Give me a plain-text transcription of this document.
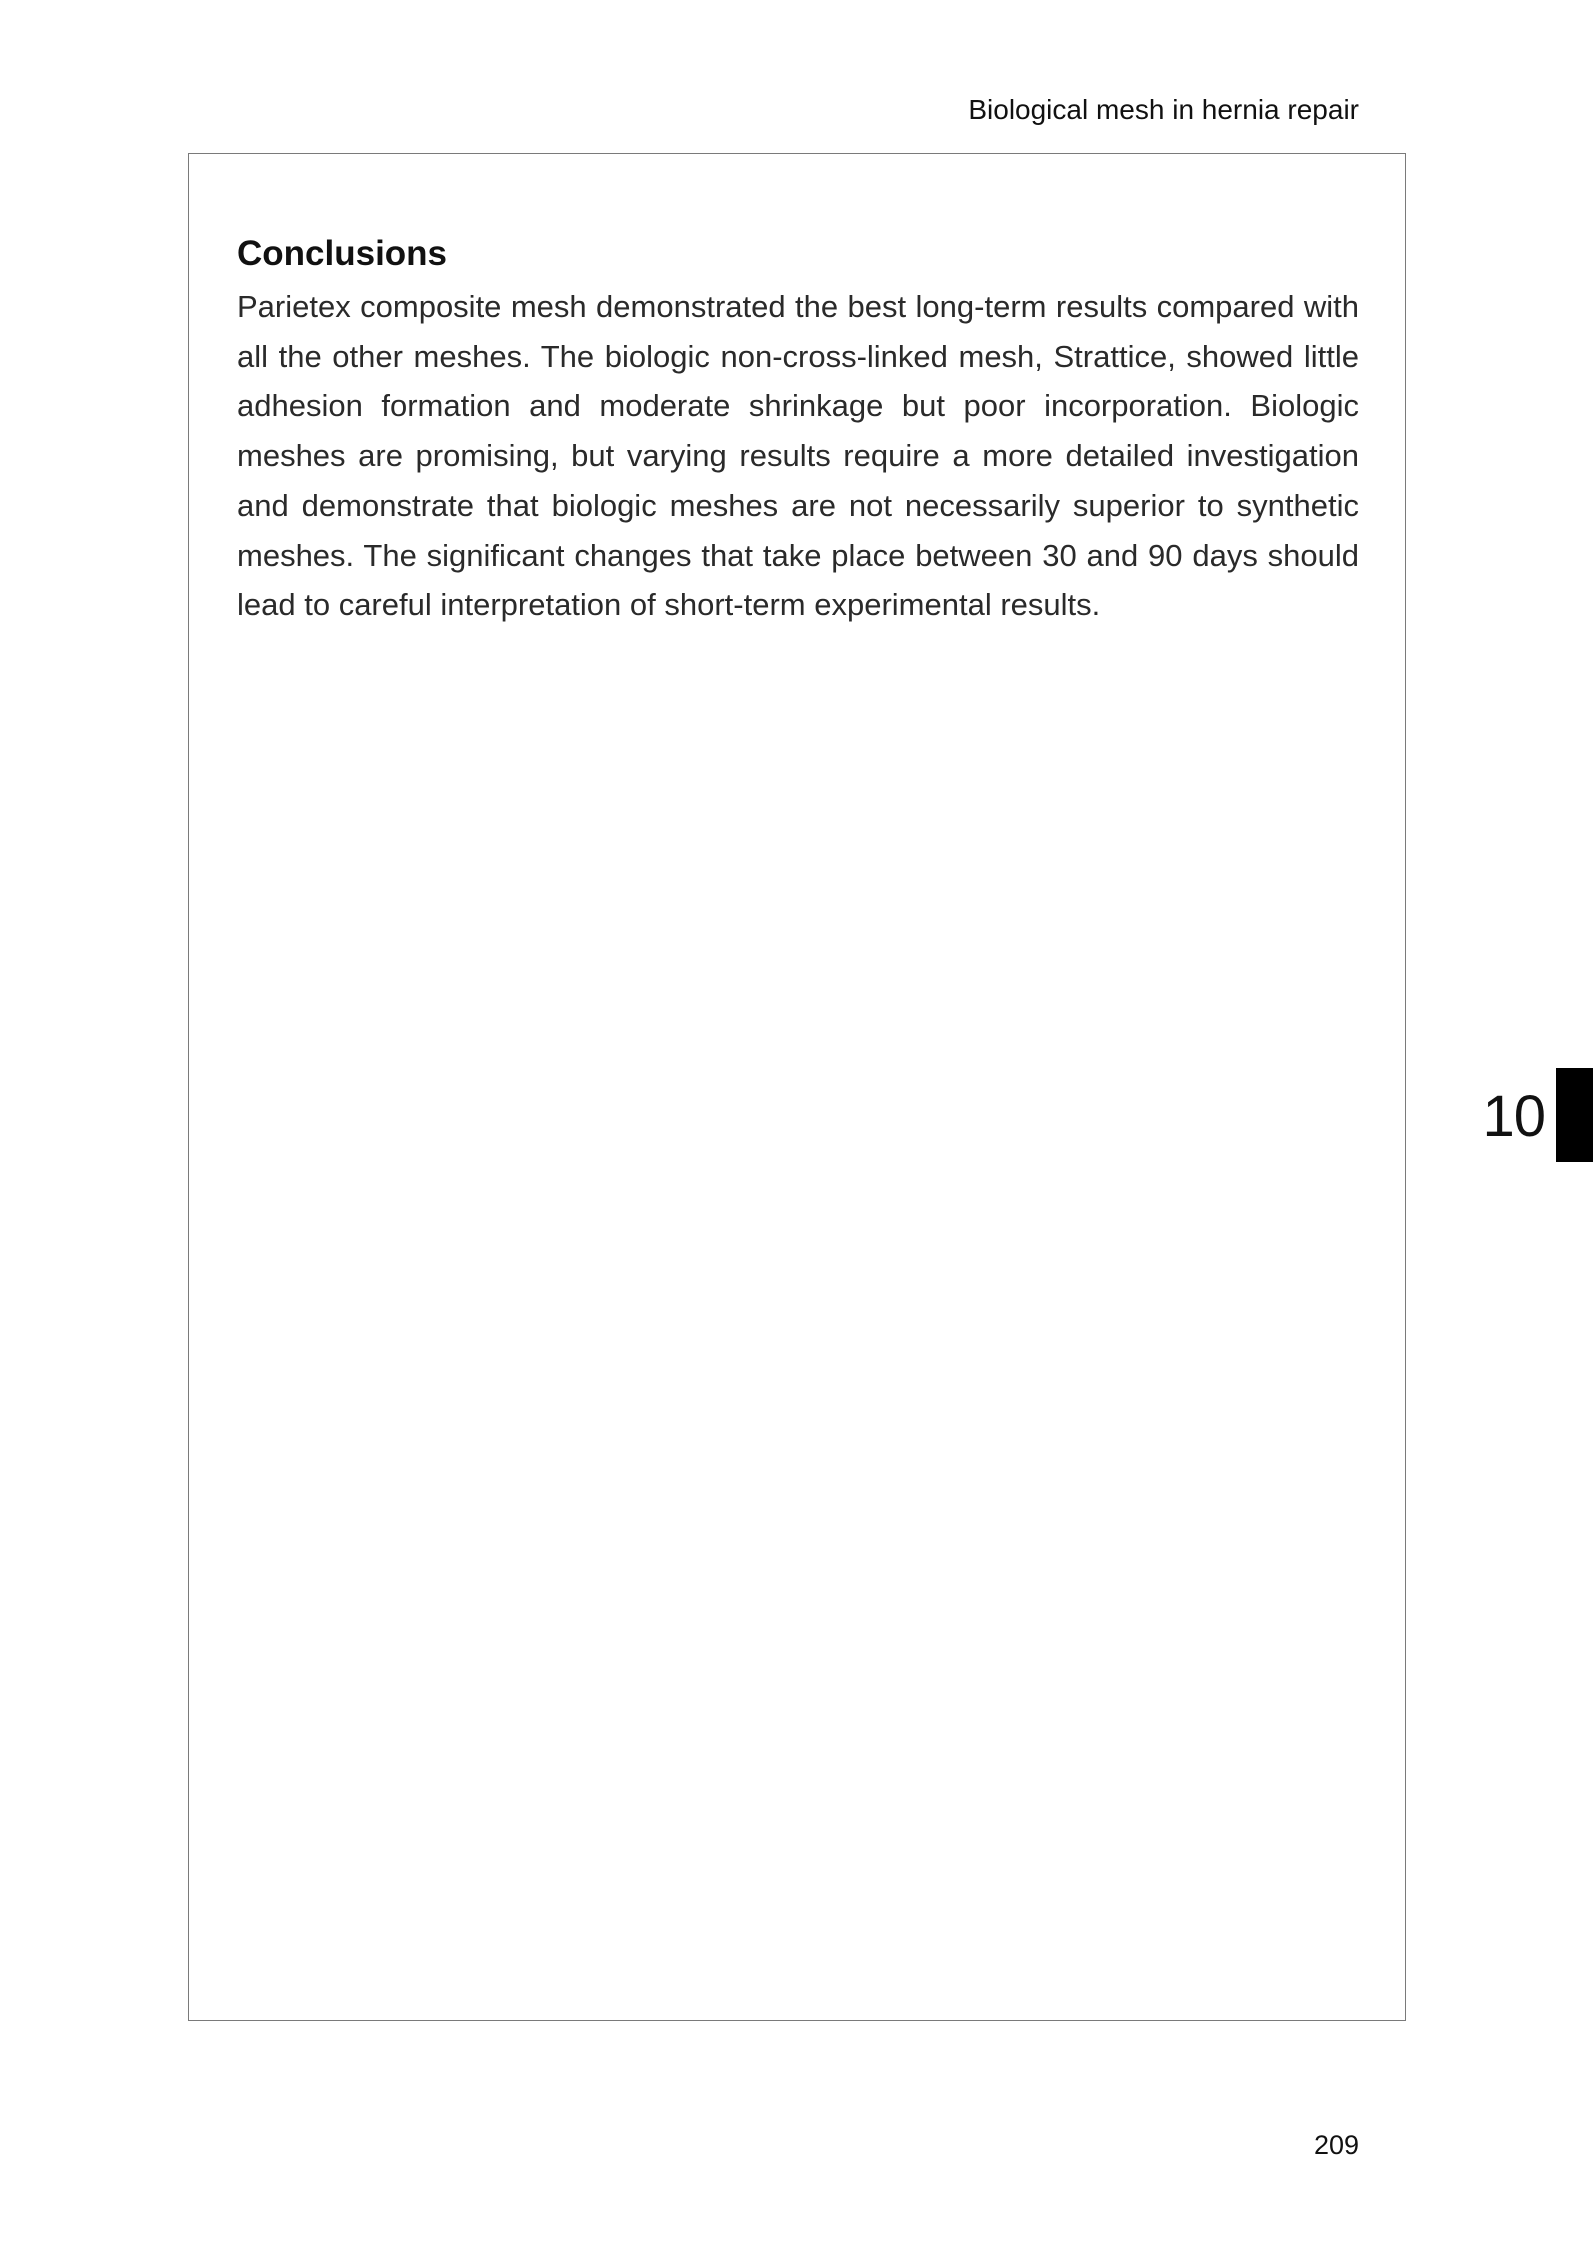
Biological mesh in hernia repair
Conclusions

Parietex composite mesh demonstrated the best long-term results compared with all the other meshes. The biologic non-cross-linked mesh, Strattice, showed little adhesion formation and moderate shrinkage but poor incorporation. Biologic meshes are promising, but varying results require a more detailed investigation and demonstrate that biologic meshes are not necessarily superior to synthetic meshes. The significant changes that take place between 30 and 90 days should lead to careful interpretation of short-term experimental results.

10
209
